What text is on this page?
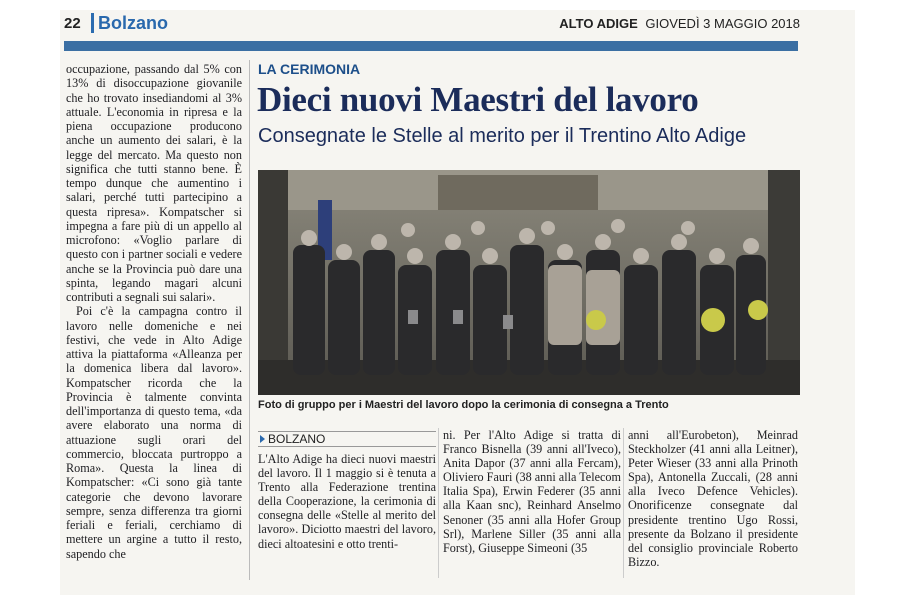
22 Bolzano	ALTO ADIGE GIOVEDÌ 3 MAGGIO 2018

occupazione, passando dal 5% con 13% di disoccupazione giovanile che ho trovato insediandomi al 3% attuale. L'economia in ripresa e la piena occupazione producono anche un aumento dei salari, è la legge del mercato. Ma questo non significa che tutti stanno bene. È tempo dunque che aumentino i salari, perché tutti partecipino a questa ripresa». Kompatscher si impegna a fare più di un appello al microfono: «Voglio parlare di questo con i partner sociali e vedere anche se la Provincia può dare una spinta, legando magari alcuni contributi a segnali sui salari».

Poi c'è la campagna contro il lavoro nelle domeniche e nei festivi, che vede in Alto Adige attiva la piattaforma «Alleanza per la domenica libera dal lavoro». Kompatscher ricorda che la Provincia è talmente convinta dell'importanza di questo tema, «da avere elaborato una norma di attuazione sugli orari del commercio, bloccata purtroppo a Roma». Questa la linea di Kompatscher: «Ci sono già tante categorie che devono lavorare sempre, senza differenza tra giorni feriali e feriali, cerchiamo di mettere un argine a tutto il resto, sapendo che

LA CERIMONIA
Dieci nuovi Maestri del lavoro
Consegnate le Stelle al merito per il Trentino Alto Adige
Foto di gruppo per i Maestri del lavoro dopo la cerimonia di consegna a Trento
BOLZANO
L'Alto Adige ha dieci nuovi maestri del lavoro. Il 1 maggio si è tenuta a Trento alla Federazione trentina della Cooperazione, la cerimonia di consegna delle «Stelle al merito del lavoro». Diciotto maestri del lavoro, dieci altoatesini e otto trenti-
ni. Per l'Alto Adige si tratta di Franco Bisnella (39 anni all'Iveco), Anita Dapor (37 anni alla Fercam), Oliviero Fauri (38 anni alla Telecom Italia Spa), Erwin Federer (35 anni alla Kaan snc), Reinhard Anselmo Senoner (35 anni alla Hofer Group Srl), Marlene Siller (35 anni alla Forst), Giuseppe Simeoni (35
anni all'Eurobeton), Meinrad Steckholzer (41 anni alla Leitner), Peter Wieser (33 anni alla Prinoth Spa), Antonella Zuccali, (28 anni alla Iveco Defence Vehicles). Onorificenze consegnate dal presidente trentino Ugo Rossi, presente da Bolzano il presidente del consiglio provinciale Roberto Bizzo.
